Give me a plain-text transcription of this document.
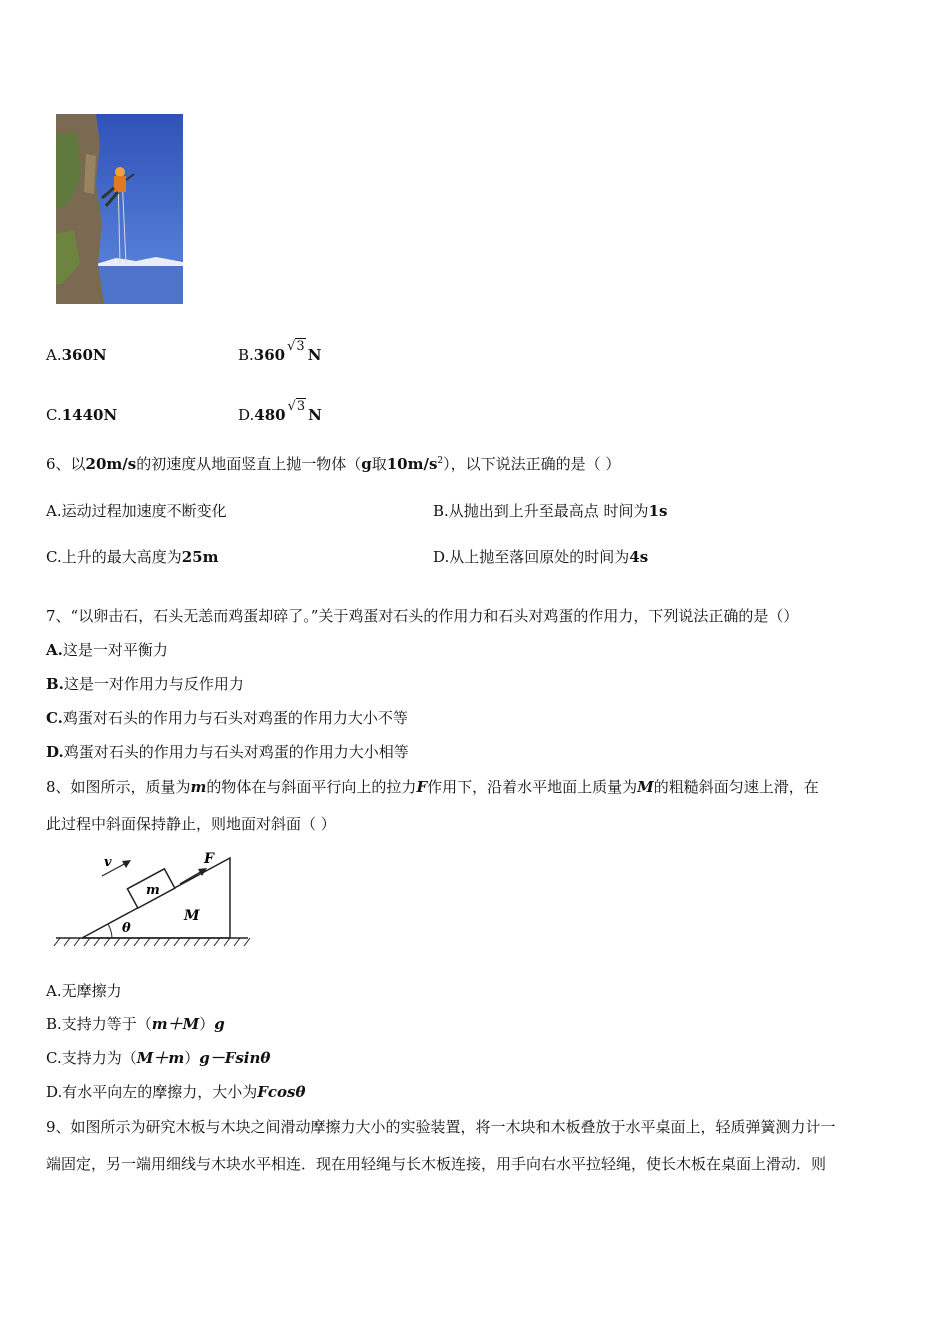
A.360N	B.360 √3 N
C.1440N	D.480 √3 N
6、以20m/s的初速度从地面竖直上抛一物体（g取$10m/s^2$），以下说法正确的是（ ）
A.运动过程加速度不断变化	B.从抛出到上升至最高点 时间为1s
C.上升的最大高度为25m	D.从上抛至落回原处的时间为4s
7、“以卵击石，石头无恙而鸡蛋却碎了。”关于鸡蛋对石头的作用力和石头对鸡蛋的作用力，下列说法正确的是（）
A.这是一对平衡力
B.这是一对作用力与反作用力
C.鸡蛋对石头的作用力与石头对鸡蛋的作用力大小不等
D.鸡蛋对石头的作用力与石头对鸡蛋的作用力大小相等
8、如图所示，质量为m的物体在与斜面平行向上的拉力F作用下，沿着水平地面上质量为M的粗糙斜面匀速上滑，在
此过程中斜面保持静止，则地面对斜面（ ）
θ
m
F
v
M
A.无摩擦力
B.支持力等于（m＋M）g
C.支持力为（M＋m）g－Fsinθ
D.有水平向左的摩擦力，大小为Fcosθ
9、如图所示为研究木板与木块之间滑动摩擦力大小的实验装置，将一木块和木板叠放于水平桌面上，轻质弹簧测力计一
端固定，另一端用细线与木块水平相连．现在用轻绳与长木板连接，用手向右水平拉轻绳，使长木板在桌面上滑动．则
